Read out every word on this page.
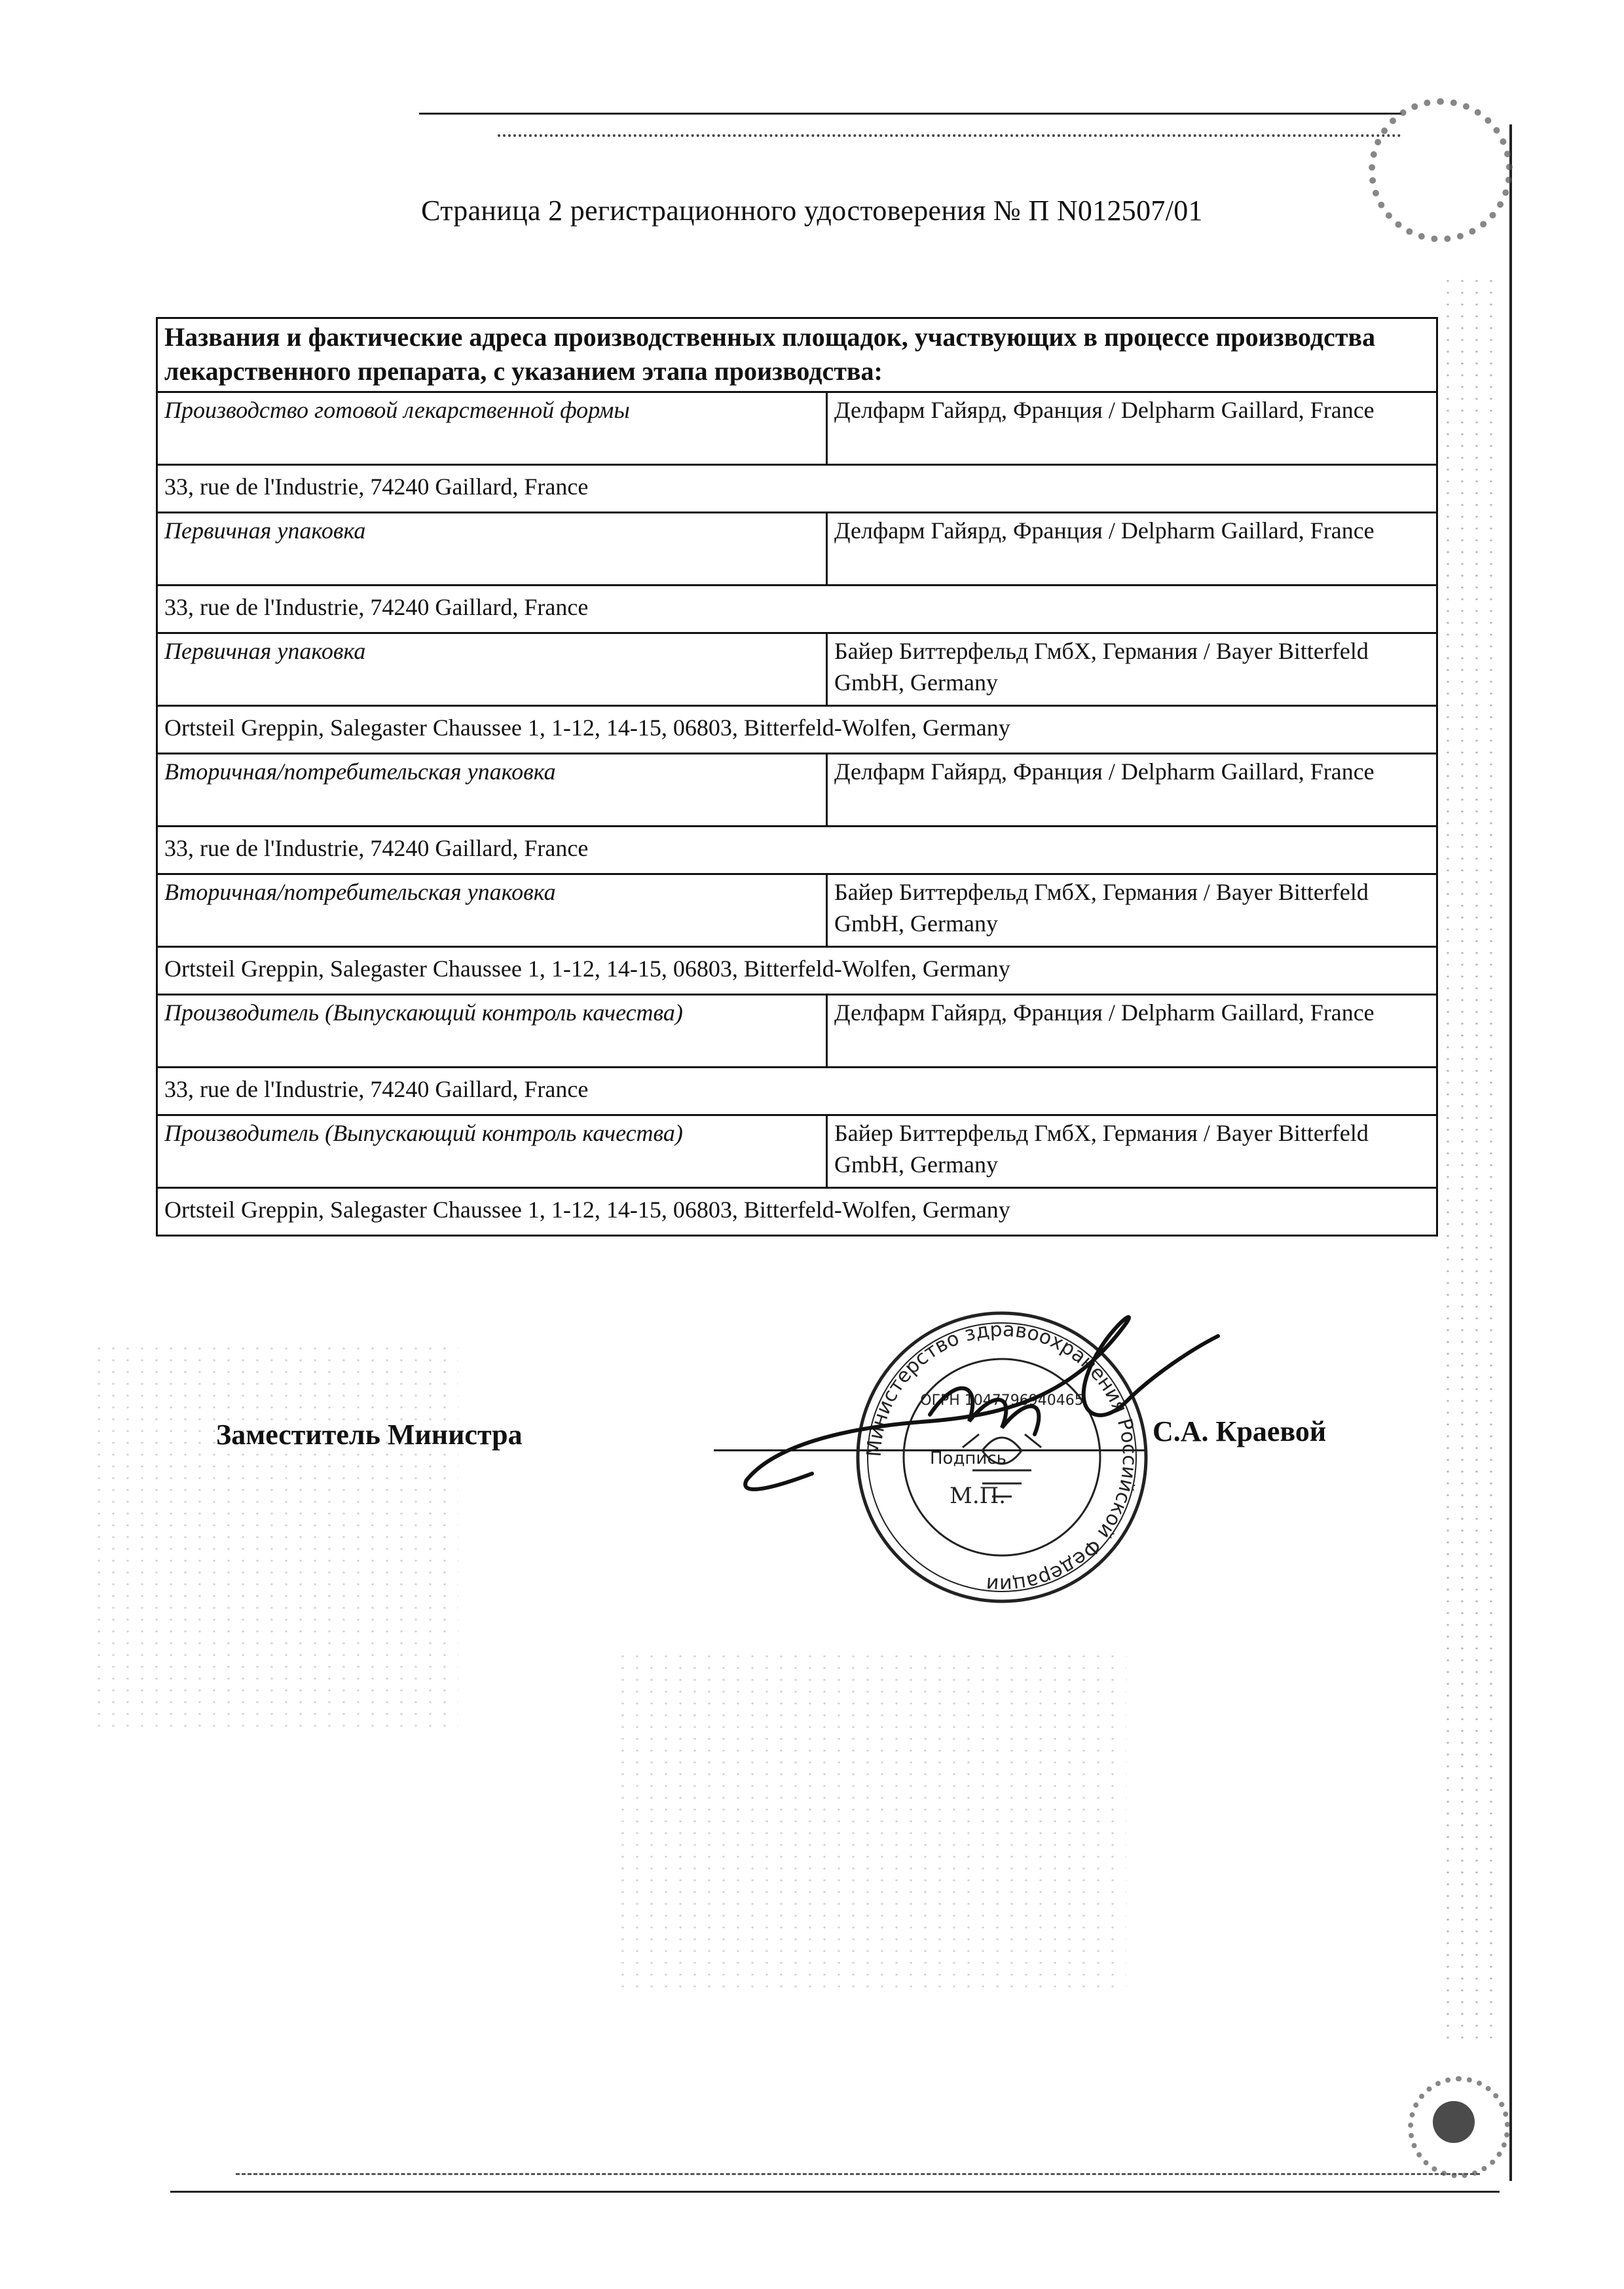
Страница 2 регистрационного удостоверения № П N012507/01
Названия и фактические адреса производственных площадок, участвующих в процессе производства лекарственного препарата, с указанием этапа производства:	
Производство готовой лекарственной формы	Делфарм Гайярд, Франция / Delpharm Gaillard, France
33, rue de l'Industrie, 74240 Gaillard, France	
Первичная упаковка	Делфарм Гайярд, Франция / Delpharm Gaillard, France
33, rue de l'Industrie, 74240 Gaillard, France	
Первичная упаковка	Байер Биттерфельд ГмбХ, Германия / Bayer Bitterfeld GmbH, Germany
Ortsteil Greppin, Salegaster Chaussee 1, 1-12, 14-15, 06803, Bitterfeld-Wolfen, Germany	
Вторичная/потребительская упаковка	Делфарм Гайярд, Франция / Delpharm Gaillard, France
33, rue de l'Industrie, 74240 Gaillard, France	
Вторичная/потребительская упаковка	Байер Биттерфельд ГмбХ, Германия / Bayer Bitterfeld GmbH, Germany
Ortsteil Greppin, Salegaster Chaussee 1, 1-12, 14-15, 06803, Bitterfeld-Wolfen, Germany	
Производитель (Выпускающий контроль качества)	Делфарм Гайярд, Франция / Delpharm Gaillard, France
33, rue de l'Industrie, 74240 Gaillard, France	
Производитель (Выпускающий контроль качества)	Байер Биттерфельд ГмбХ, Германия / Bayer Bitterfeld GmbH, Germany
Ortsteil Greppin, Salegaster Chaussee 1, 1-12, 14-15, 06803, Bitterfeld-Wolfen, Germany	
Заместитель Министра	С.А. Краевой
Министерство здравоохранения Российской Федерации
ОГРН 1047796940465
Подпись
М.П.
